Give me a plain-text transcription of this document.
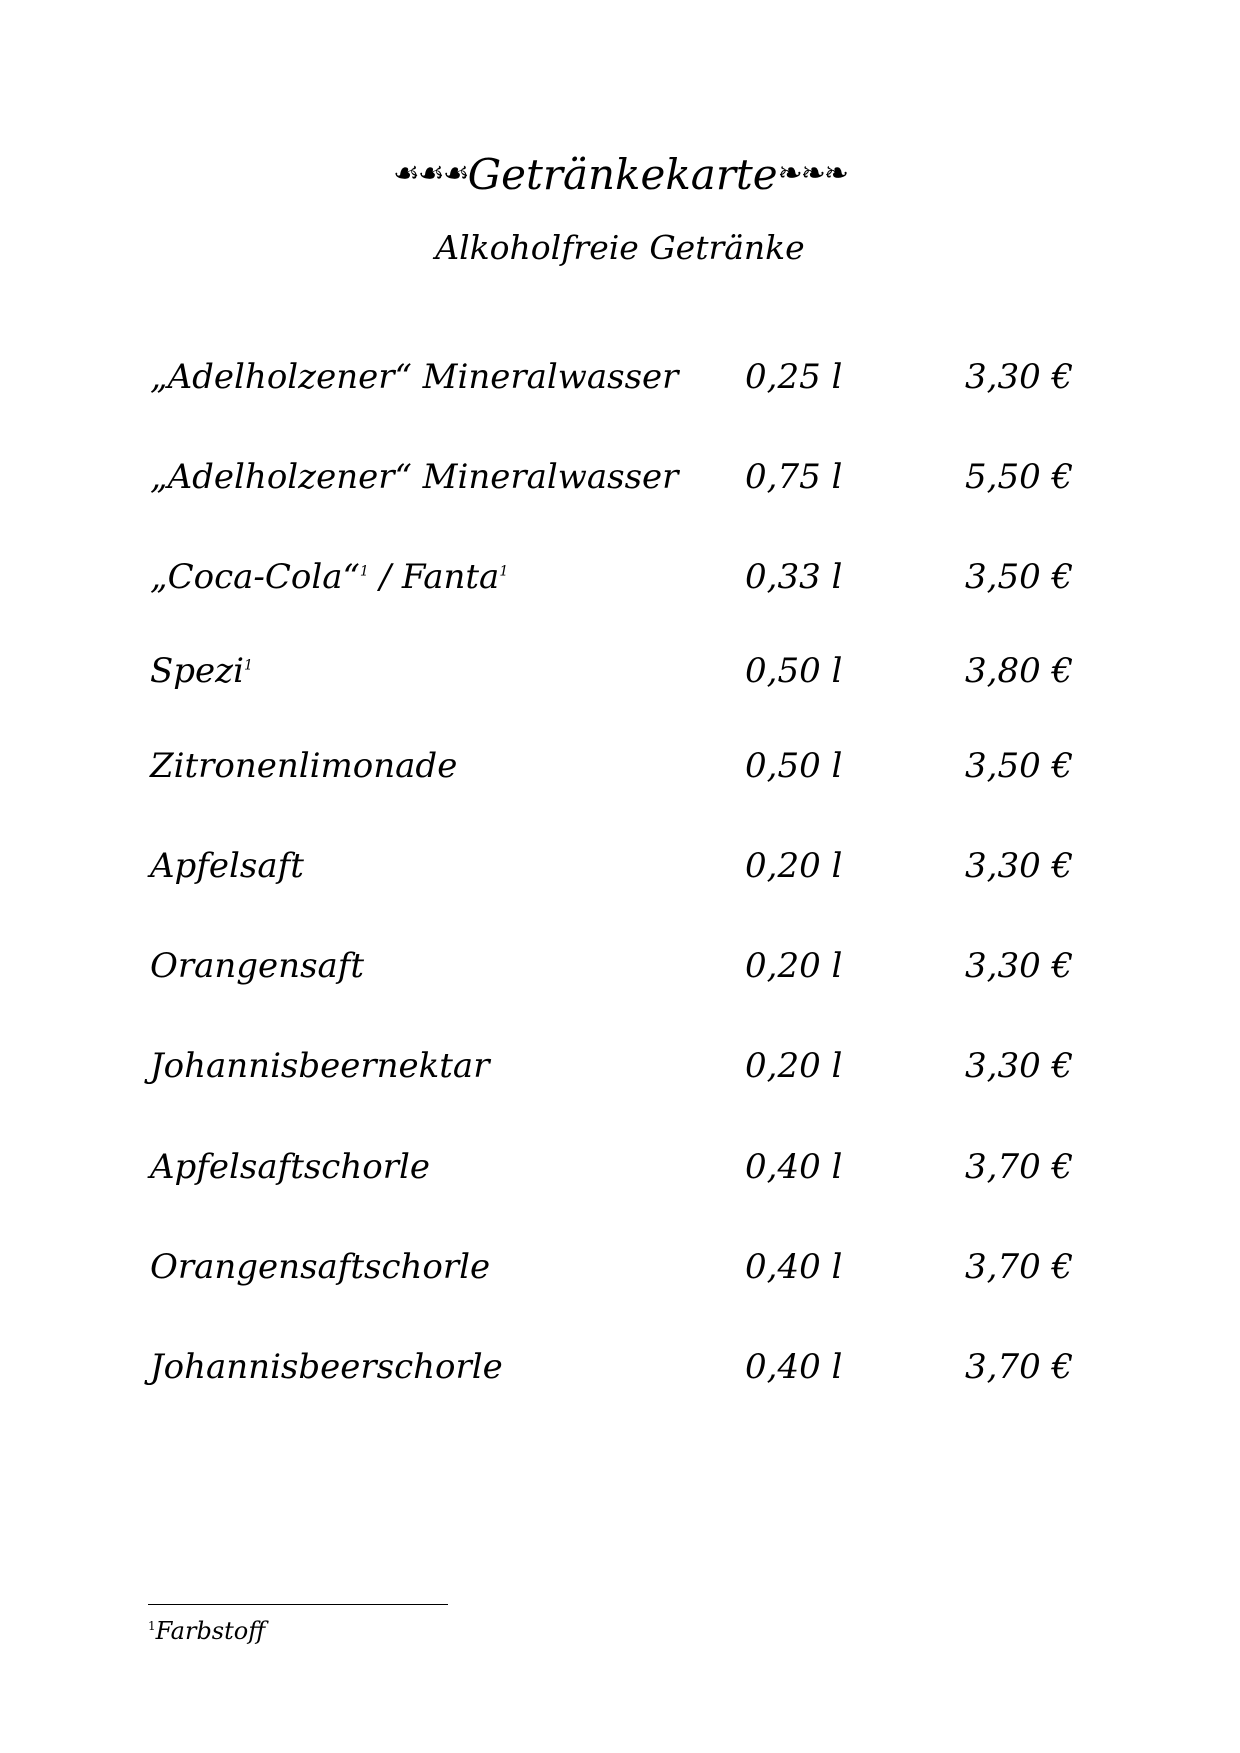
☙☙☙Getränkekarte❧❧❧
Alkoholfreie Getränke
„Adelholzener“ Mineralwasser 0,25 l	3,30 €
„Adelholzener“ Mineralwasser 0,75 l	5,50 €
„Coca-Cola“$^1$ / Fanta$^1$	0,33 l	3,50 €
Spezi$^1$	0,50 l	3,80 €
Zitronenlimonade	0,50 l	3,50 €
Apfelsaft	0,20 l	3,30 €
Orangensaft	0,20 l	3,30 €
Johannisbeernektar	0,20 l	3,30 €
Apfelsaftschorle	0,40 l	3,70 €
Orangensaftschorle	0,40 l	3,70 €
Johannisbeerschorle	0,40 l	3,70 €
$^1$Farbstoff
